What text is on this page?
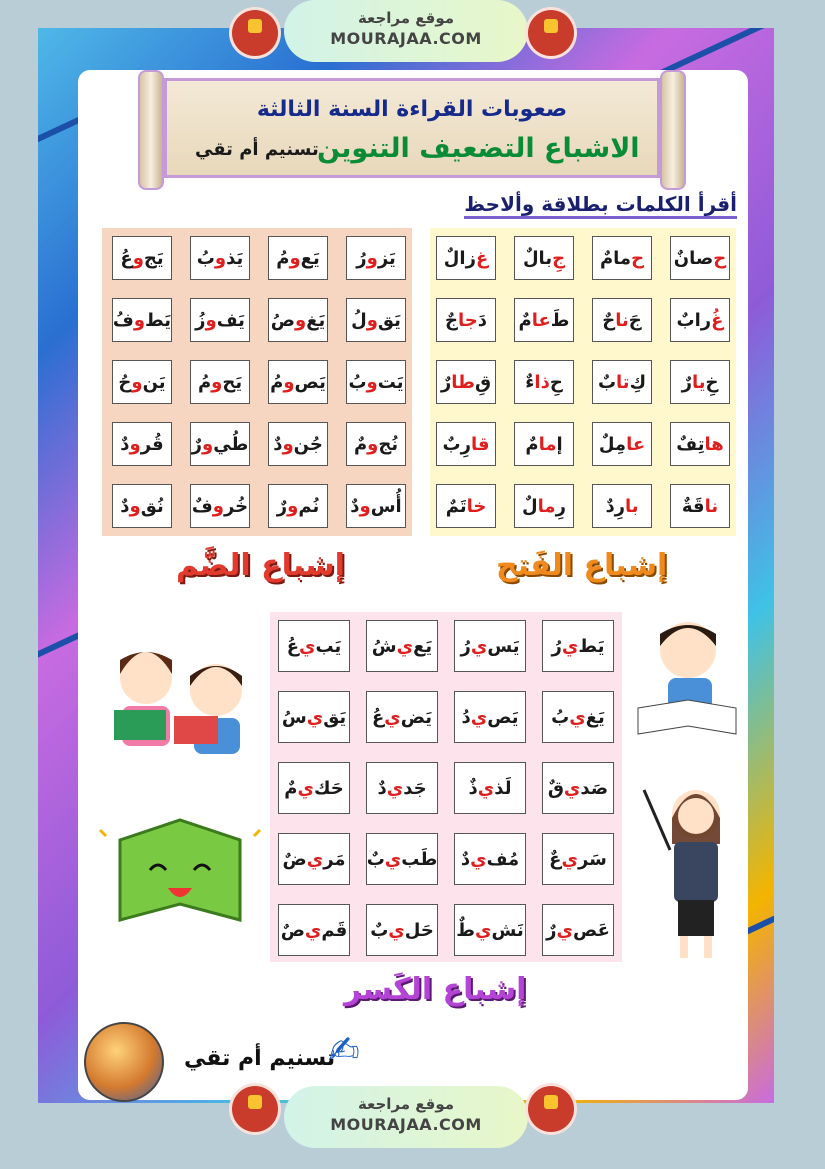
موقع مراجعة
MOURAJAA.COM
صعوبات القراءة السنة الثالثة
الاشباع التضعيف التنوين
تسنيم أم تقي
أقرأ الكلمات بطلاقة وألاحظ
ح
صانٌ
ح
مامٌ
جِ
بالٌ
غ
زالٌ
غُ
رابٌ
جَ
نا
حٌ
طَ
عا
مٌ
دَ
جا
جٌ
خِ
يا
رٌ
كِ
تا
بٌ
حِ
ذا
ءٌ
قِ
طا
رٌ
ها
تِفٌ
عا
مِلٌ
إ
ما
مٌ
قا
رِبٌ
نا
قَةٌ
با
رِدٌ
رِ
ما
لٌ
خا
تَمٌ
يَز
و
رُ
يَع
و
مُ
يَذ
و
بُ
يَج
و
عُ
يَق
و
لُ
يَغ
و
صُ
يَف
و
زُ
يَط
و
فُ
يَت
و
بُ
يَص
و
مُ
يَح
و
مُ
يَن
و
حُ
نُج
و
مٌ
جُن
و
دٌ
طُي
و
رٌ
قُر
و
دٌ
أُس
و
دٌ
نُم
و
رٌ
خُر
و
فٌ
نُق
و
دٌ
يَط
ي
رُ
يَس
ي
رُ
يَع
ي
شُ
يَب
ي
عُ
يَغ
ي
بُ
يَص
ي
دُ
يَض
ي
عُ
يَق
ي
سُ
صَد
ي
قٌ
لَذ
ي
ذٌ
جَد
ي
دٌ
حَك
ي
مٌ
سَر
ي
عٌ
مُف
ي
دٌ
طَب
ي
بٌ
مَر
ي
ضٌ
عَص
ي
رٌ
نَش
ي
طٌ
حَل
ي
بٌ
قَم
ي
صٌ
إشباع الفَتح
إشباع الضَّم
إشباع الكَسر
تسنيم أم تقي
✍
موقع مراجعة
MOURAJAA.COM
